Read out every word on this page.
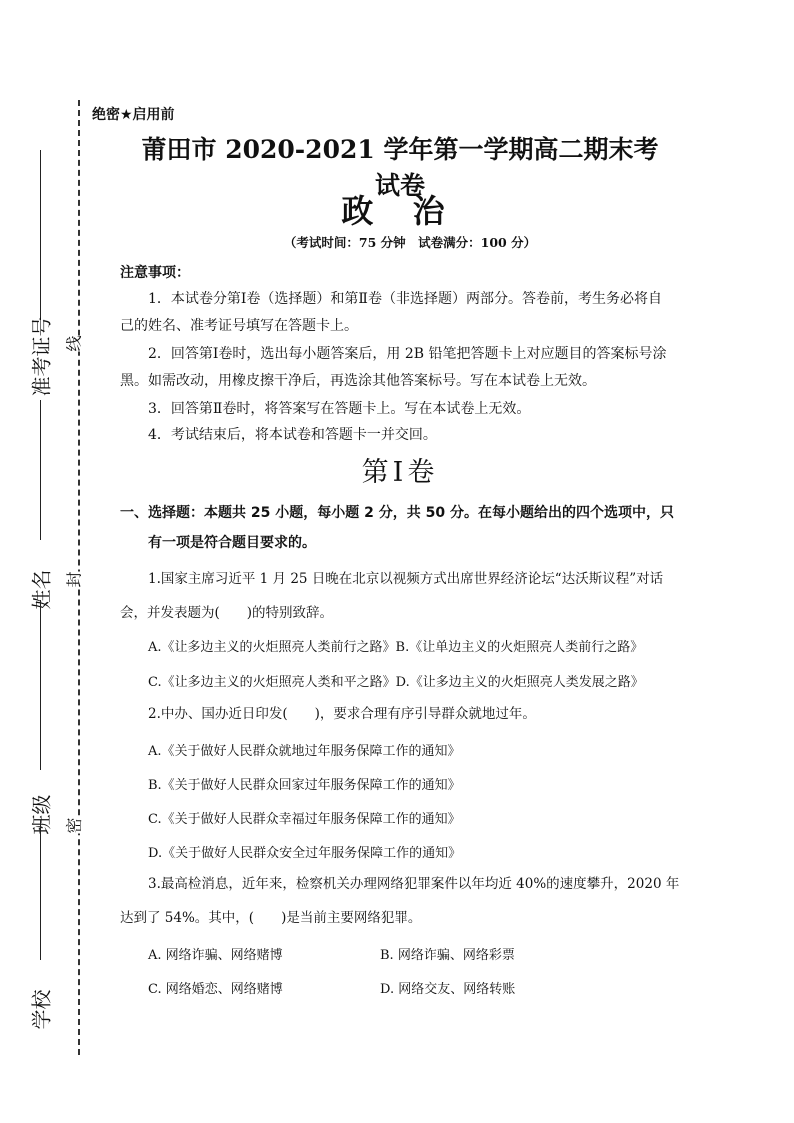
准考证号
姓名
班级
学校
线
封
密
绝密★启用前
莆田市 2020-2021 学年第一学期高二期末考试卷
政 治
（考试时间：75 分钟　试卷满分：100 分）
注意事项：
1．本试卷分第Ⅰ卷（选择题）和第Ⅱ卷（非选择题）两部分。答卷前，考生务必将自己的姓名、准考证号填写在答题卡上。
2．回答第Ⅰ卷时，选出每小题答案后，用 2B 铅笔把答题卡上对应题目的答案标号涂黑。如需改动，用橡皮擦干净后，再选涂其他答案标号。写在本试卷上无效。
3．回答第Ⅱ卷时，将答案写在答题卡上。写在本试卷上无效。
4．考试结束后，将本试卷和答题卡一并交回。
第Ⅰ卷
一、选择题：本题共 25 小题，每小题 2 分，共 50 分。在每小题给出的四个选项中，只有一项是符合题目要求的。
1.国家主席习近平 1 月 25 日晚在北京以视频方式出席世界经济论坛“达沃斯议程”对话会，并发表题为(　　)的特别致辞。
A.《让多边主义的火炬照亮人类前行之路》B.《让单边主义的火炬照亮人类前行之路》
C.《让多边主义的火炬照亮人类和平之路》D.《让多边主义的火炬照亮人类发展之路》
2.中办、国办近日印发(　　)，要求合理有序引导群众就地过年。
A.《关于做好人民群众就地过年服务保障工作的通知》
B.《关于做好人民群众回家过年服务保障工作的通知》
C.《关于做好人民群众幸福过年服务保障工作的通知》
D.《关于做好人民群众安全过年服务保障工作的通知》
3.最高检消息，近年来，检察机关办理网络犯罪案件以年均近 40%的速度攀升，2020 年达到了 54%。其中，(　　)是当前主要网络犯罪。
A. 网络诈骗、网络赌博	B. 网络诈骗、网络彩票
C. 网络婚恋、网络赌博	D. 网络交友、网络转账
